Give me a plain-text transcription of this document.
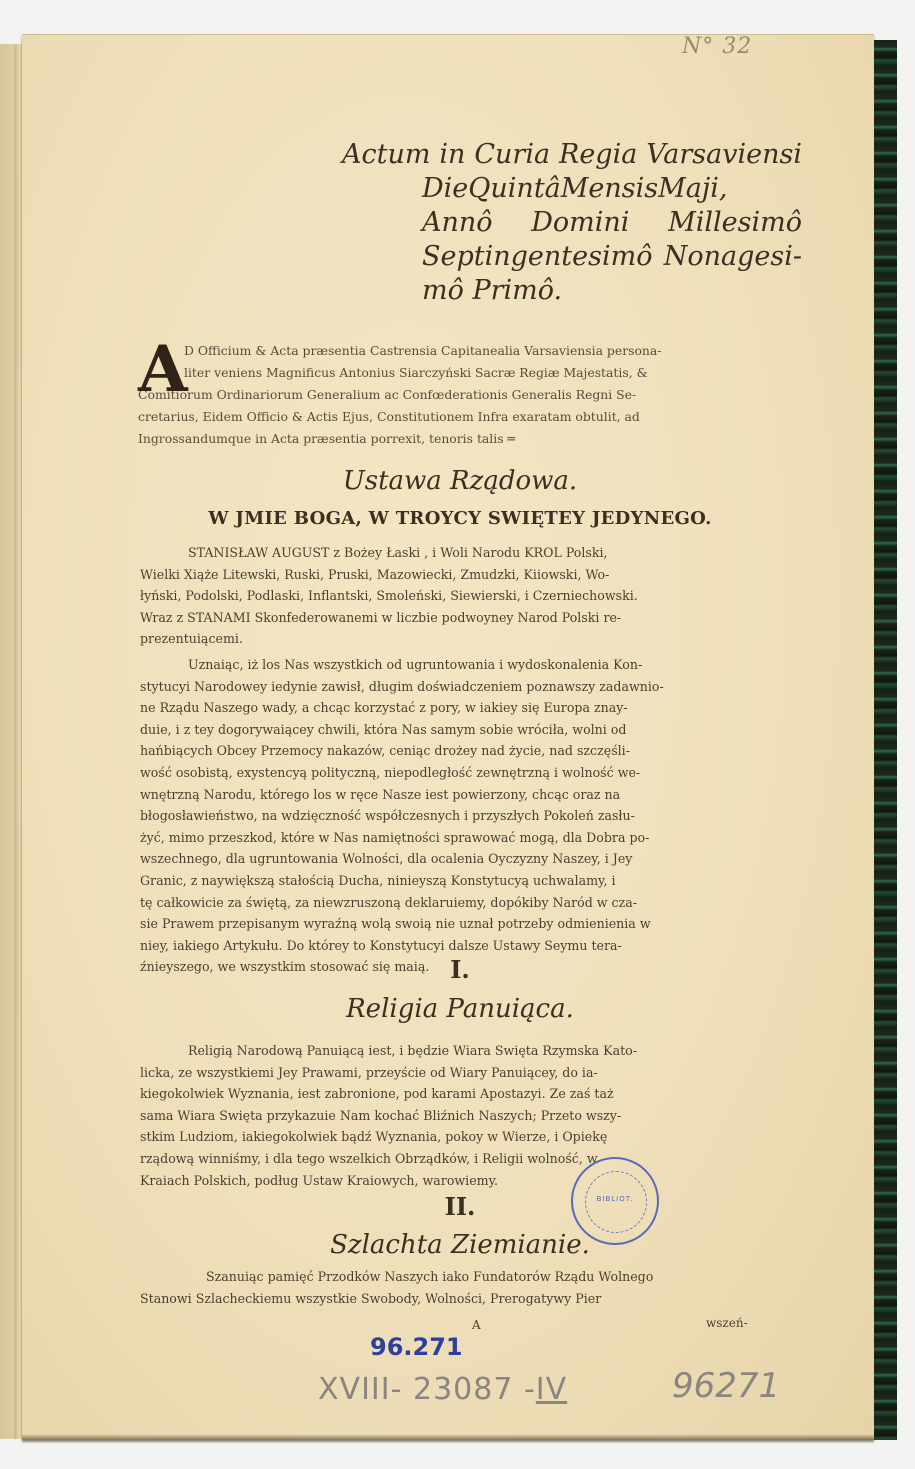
N° 32
Actum in Curia Regia Varsaviensi
Die Quintâ Mensis Maji,
Annô Domini Millesimô
Septingentesimô Nonagesi-
mô Primô.
A
D Officium & Acta præsentia Castrensia Capitanealia Varsaviensia persona-
liter veniens Magnificus Antonius Siarczyński Sacræ Regiæ Majestatis, &
Comitiorum Ordinariorum Generalium ac Confœderationis Generalis Regni Se-
cretarius, Eidem Officio & Actis Ejus, Constitutionem Infra exaratam obtulit, ad
Ingrossandumque in Acta præsentia porrexit, tenoris talis ═
Ustawa Rządowa.
W JMIE BOGA, W TROYCY SWIĘTEY JEDYNEGO.
STANISŁAW AUGUST z Bożey Łaski , i Woli Narodu KROL Polski,
Wielki Xiąże Litewski, Ruski, Pruski, Mazowiecki, Zmudzki, Kiiowski, Wo-
łyński, Podolski, Podlaski, Inflantski, Smoleński, Siewierski, i Czerniechowski.
Wraz z STANAMI Skonfederowanemi w liczbie podwoyney Narod Polski re-
prezentuiącemi.
Uznaiąc, iż los Nas wszystkich od ugruntowania i wydoskonalenia Kon-
stytucyi Narodowey iedynie zawisł, długim doświadczeniem poznawszy zadawnio-
ne Rządu Naszego wady, a chcąc korzystać z pory, w iakiey się Europa znay-
duie, i z tey dogorywaiącey chwili, która Nas samym sobie wróciła, wolni od
hańbiących Obcey Przemocy nakazów, ceniąc drożey nad życie, nad szczęśli-
wość osobistą, exystencyą polityczną, niepodległość zewnętrzną i wolność we-
wnętrzną Narodu, którego los w ręce Nasze iest powierzony, chcąc oraz na
błogosławieństwo, na wdzięczność współczesnych i przyszłych Pokoleń zasłu-
żyć, mimo przeszkod, które w Nas namiętności sprawować mogą, dla Dobra po-
wszechnego, dla ugruntowania Wolności, dla ocalenia Oyczyzny Naszey, i Jey
Granic, z naywiększą stałością Ducha, ninieyszą Konstytucyą uchwalamy, i
tę całkowicie za świętą, za niewzruszoną deklaruiemy, dopókiby Naród w cza-
sie Prawem przepisanym wyraźną wolą swoią nie uznał potrzeby odmienienia w
niey, iakiego Artykułu. Do którey to Konstytucyi dalsze Ustawy Seymu tera-
źnieyszego, we wszystkim stosować się maią. I.
Religia Panuiąca.
Religią Narodową Panuiącą iest, i będzie Wiara Swięta Rzymska Kato-
licka, ze wszystkiemi Jey Prawami, przeyście od Wiary Panuiącey, do ia-
kiegokolwiek Wyznania, iest zabronione, pod karami Apostazyi. Ze zaś taż
sama Wiara Swięta przykazuie Nam kochać Bliźnich Naszych; Przeto wszy-
stkim Ludziom, iakiegokolwiek bądź Wyznania, pokoy w Wierze, i Opiekę
rządową winniśmy, i dla tego wszelkich Obrządków, i Religii wolność, w
Kraiach Polskich, podług Ustaw Kraiowych, warowiemy.
BIBLIOT.
II.
Szlachta Ziemianie.
Szanuiąc pamięć Przodków Naszych iako Fundatorów Rządu Wolnego
Stanowi Szlacheckiemu wszystkie Swobody, Wolności, Prerogatywy Pier
A	wszeń-
96.271
XVIII- 23087 -IV	96271
